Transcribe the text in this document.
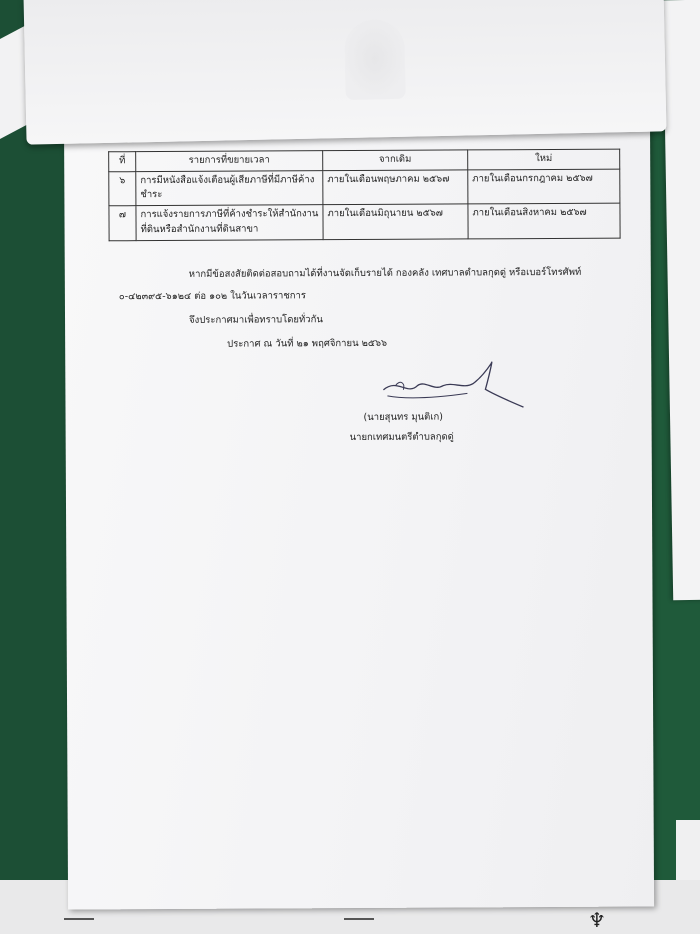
♆
ที่	รายการที่ขยายเวลา	จากเดิม	ใหม่
๖	การมีหนังสือแจ้งเตือนผู้เสียภาษีที่มีภาษีค้างชำระ	ภายในเดือนพฤษภาคม ๒๕๖๗	ภายในเดือนกรกฎาคม ๒๕๖๗
๗	การแจ้งรายการภาษีที่ค้างชำระให้สำนักงานที่ดินหรือสำนักงานที่ดินสาขา	ภายในเดือนมิถุนายน ๒๕๖๗	ภายในเดือนสิงหาคม ๒๕๖๗
หากมีข้อสงสัยติดต่อสอบถามได้ที่งานจัดเก็บรายได้ กองคลัง เทศบาลตำบลกุดดู่ หรือเบอร์โทรศัพท์
๐-๔๒๓๙๕-๖๑๒๔ ต่อ ๑๐๒ ในวันเวลาราชการ
จึงประกาศมาเพื่อทราบโดยทั่วกัน
ประกาศ ณ วันที่ ๒๑ พฤศจิกายน ๒๕๖๖
(นายสุนทร มุนติเก)
นายกเทศมนตรีตำบลกุดดู่
